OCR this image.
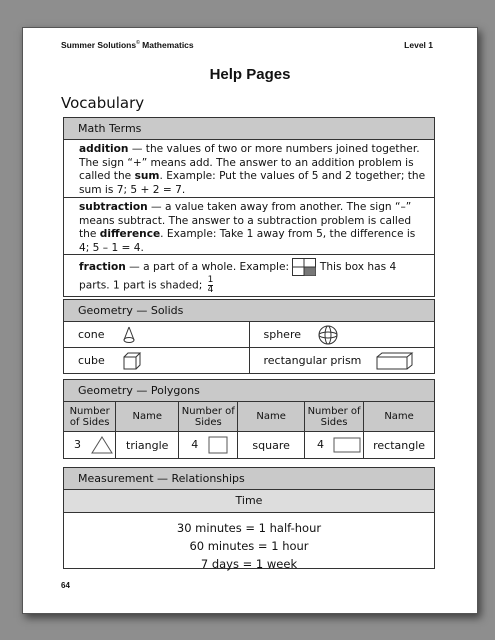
Summer Solutions© Mathematics	Level 1
Help Pages
Vocabulary
Math Terms
addition — the values of two or more numbers joined together. The sign “+” means add. The answer to an addition problem is called the sum. Example: Put the values of 5 and 2 together; the sum is 7; 5 + 2 = 7.
subtraction — a value taken away from another. The sign “–” means subtract. The answer to a subtraction problem is called the difference. Example: Take 1 away from 5, the difference is 4; 5 – 1 = 4.
fraction — a part of a whole. Example:	This box has 4 parts. 1 part is shaded; $\frac{1}{4}$
Geometry — Solids
cone	sphere
cube	rectangular prism
Geometry — Polygons
Number of Sides	Name	Number of Sides	Name	Number of Sides	Name
3	triangle	4	square	4	rectangle
Measurement — Relationships
Time
30 minutes = 1 half-hour
60 minutes = 1 hour
7 days = 1 week
64
